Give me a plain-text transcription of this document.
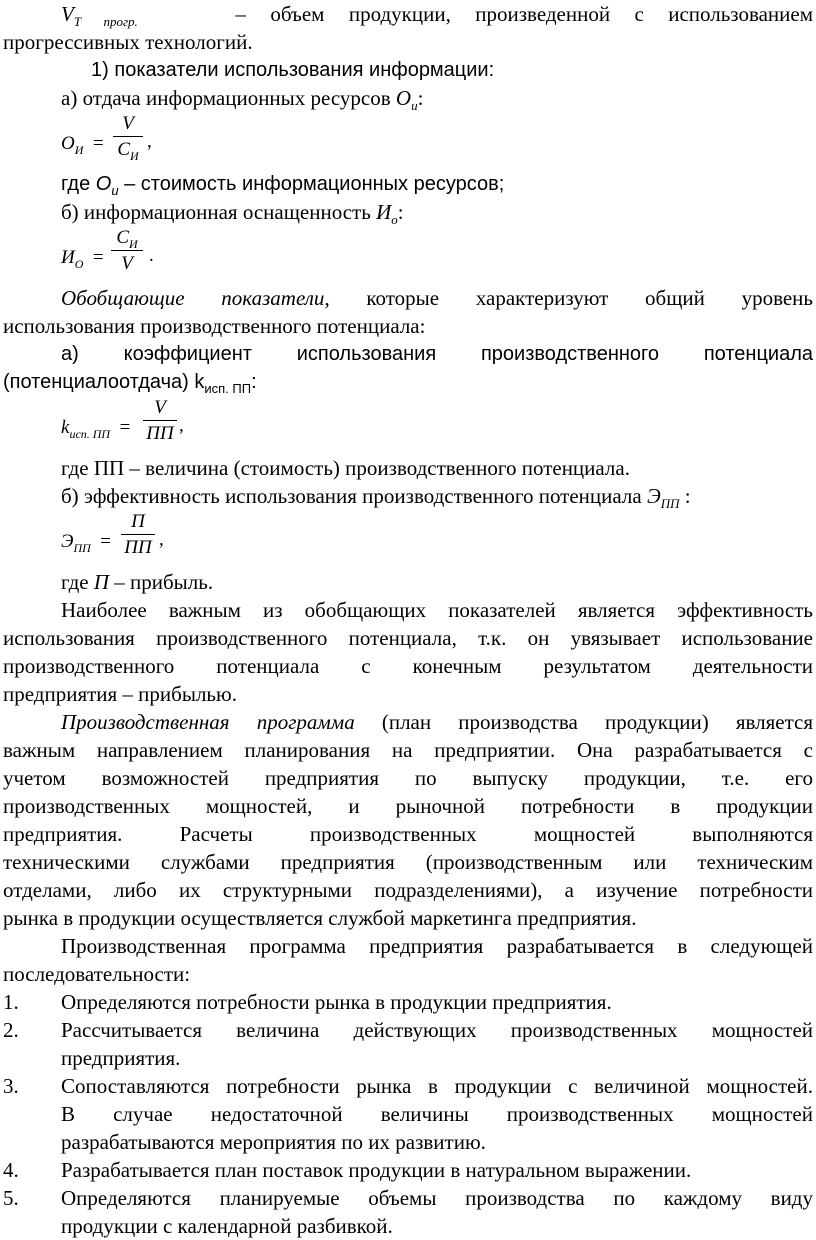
$V_{Т прогр.}$	– объем продукции, произведенной с использованием

прогрессивных технологий.

1) показатели использования информации:

а) отдача информационных ресурсов $О_и$:

$О_И$ =
V
$С_И$
,

где $О_и$ – стоимость информационных ресурсов;

б) информационная оснащенность $И_о$:

$И_О$ =
$С_И$
V .

Обобщающие показатели, которые характеризуют общий уровень

использования производственного потенциала:

а) коэффициент использования производственного потенциала

(потенциалоотдача) $k_{исп. ПП}$:

$k_{исп. ПП}$ =
V
ПП ,

где ПП – величина (стоимость) производственного потенциала.

б) эффективность использования производственного потенциала $Э_{ПП}$ :

$Э_{ПП}$ =
П
ПП ,

где П – прибыль.

Наиболее важным из обобщающих показателей является эффективность

использования производственного потенциала, т.к. он увязывает использование

производственного потенциала с конечным результатом деятельности

предприятия – прибылью.

Производственная программа (план производства продукции) является

важным направлением планирования на предприятии. Она разрабатывается с

учетом возможностей предприятия по выпуску продукции, т.е. его

производственных мощностей, и рыночной потребности в продукции

предприятия. Расчеты производственных мощностей выполняются

техническими службами предприятия (производственным или техническим

отделами, либо их структурными подразделениями), а изучение потребности

рынка в продукции осуществляется службой маркетинга предприятия.

Производственная программа предприятия разрабатывается в следующей

последовательности:

1. Определяются потребности рынка в продукции предприятия.

2. Рассчитывается величина действующих производственных мощностей

предприятия.

3. Сопоставляются потребности рынка в продукции с величиной мощностей.

В случае недостаточной величины производственных мощностей

разрабатываются мероприятия по их развитию.

4. Разрабатывается план поставок продукции в натуральном выражении.

5. Определяются планируемые объемы производства по каждому виду

продукции с календарной разбивкой.
